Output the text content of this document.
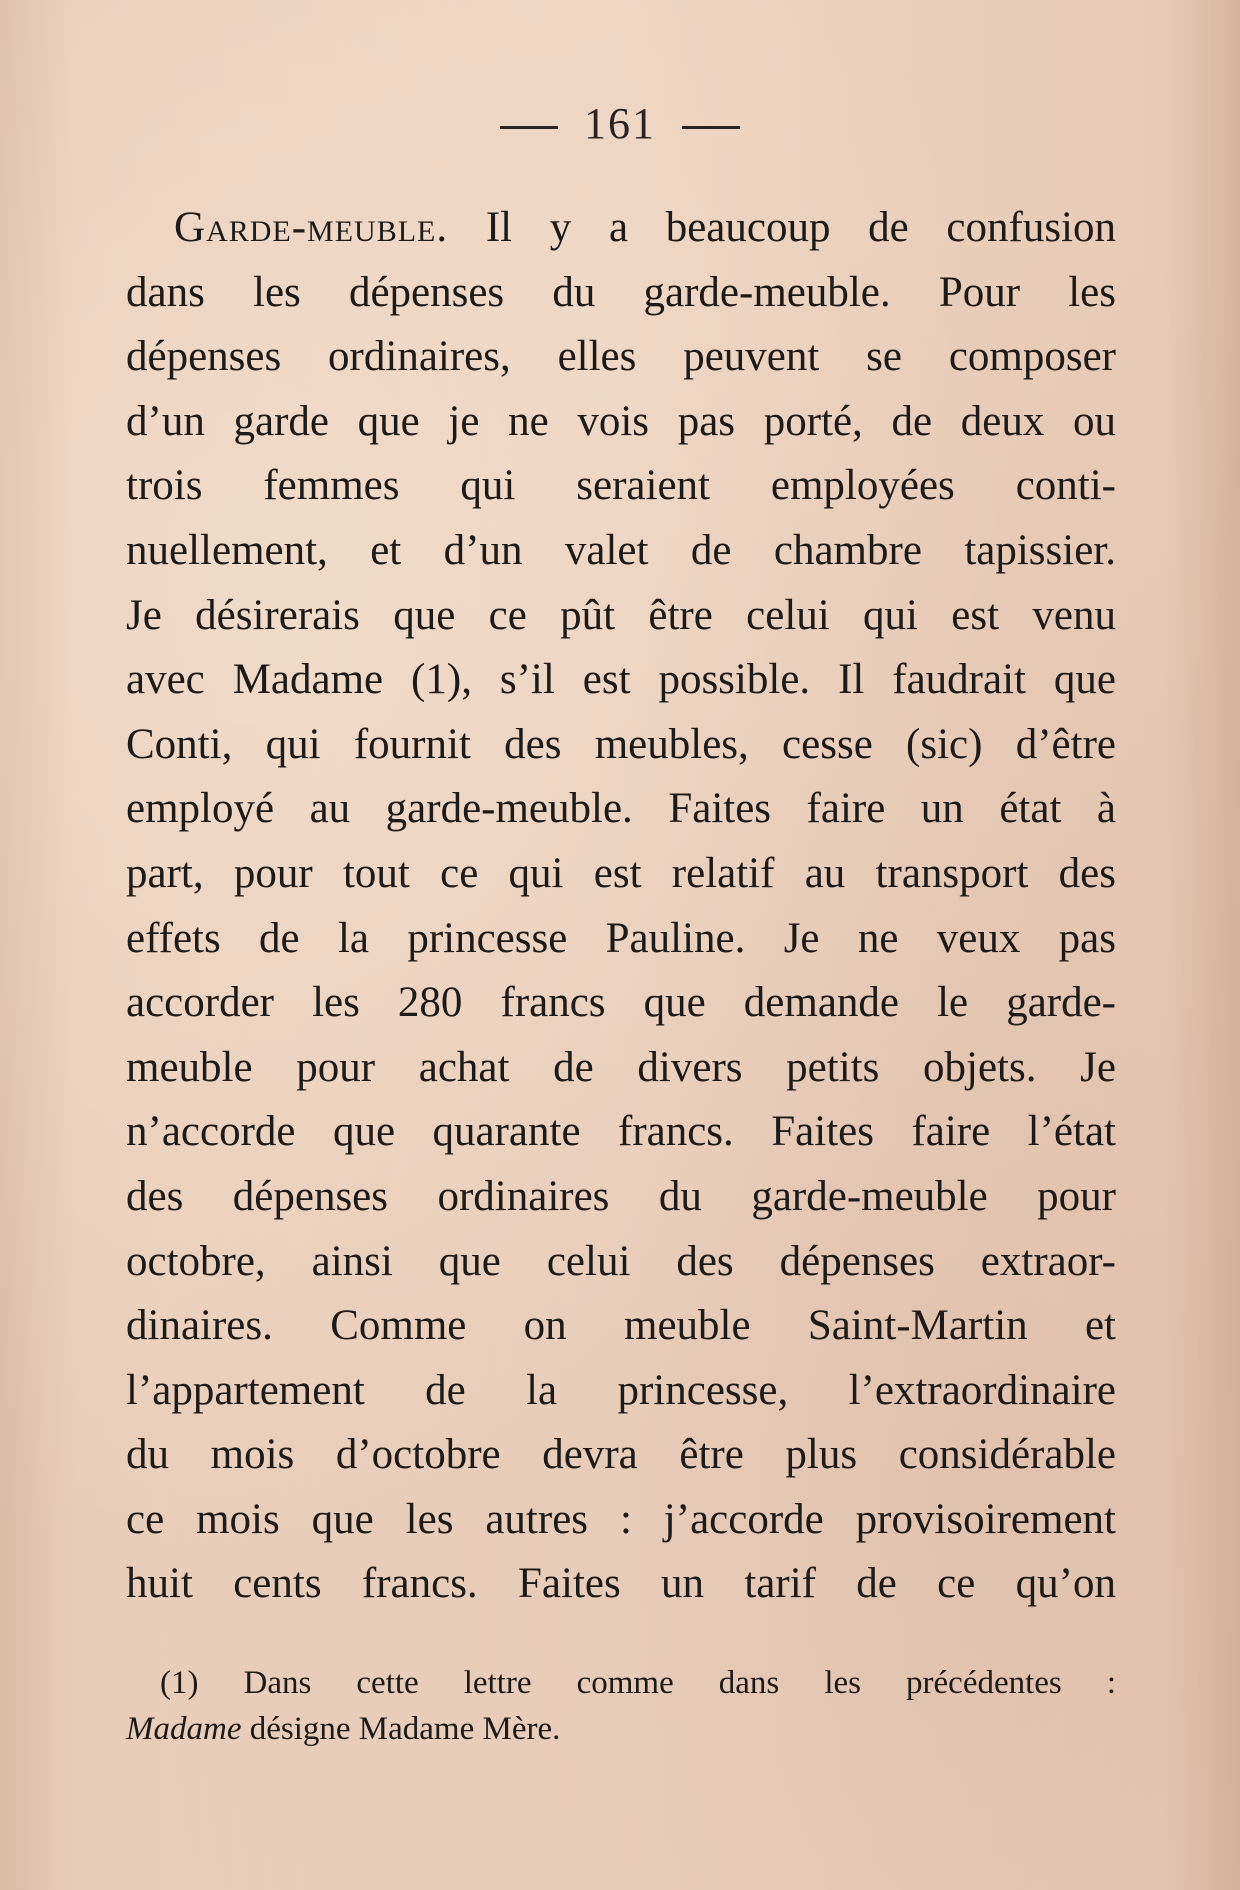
161
Garde-meuble. Il y a beaucoup de confusion
dans les dépenses du garde-meuble. Pour les
dépenses ordinaires, elles peuvent se composer
d’un garde que je ne vois pas porté, de deux ou
trois femmes qui seraient employées conti-
nuellement, et d’un valet de chambre tapissier.
Je désirerais que ce pût être celui qui est venu
avec Madame (1), s’il est possible. Il faudrait que
Conti, qui fournit des meubles, cesse (sic) d’être
employé au garde-meuble. Faites faire un état à
part, pour tout ce qui est relatif au transport des
effets de la princesse Pauline. Je ne veux pas
accorder les 280 francs que demande le garde-
meuble pour achat de divers petits objets. Je
n’accorde que quarante francs. Faites faire l’état
des dépenses ordinaires du garde-meuble pour
octobre, ainsi que celui des dépenses extraor-
dinaires. Comme on meuble Saint-Martin et
l’appartement de la princesse, l’extraordinaire
du mois d’octobre devra être plus considérable
ce mois que les autres : j’accorde provisoirement
huit cents francs. Faites un tarif de ce qu’on
(1) Dans cette lettre comme dans les précédentes :
Madame désigne Madame Mère.
